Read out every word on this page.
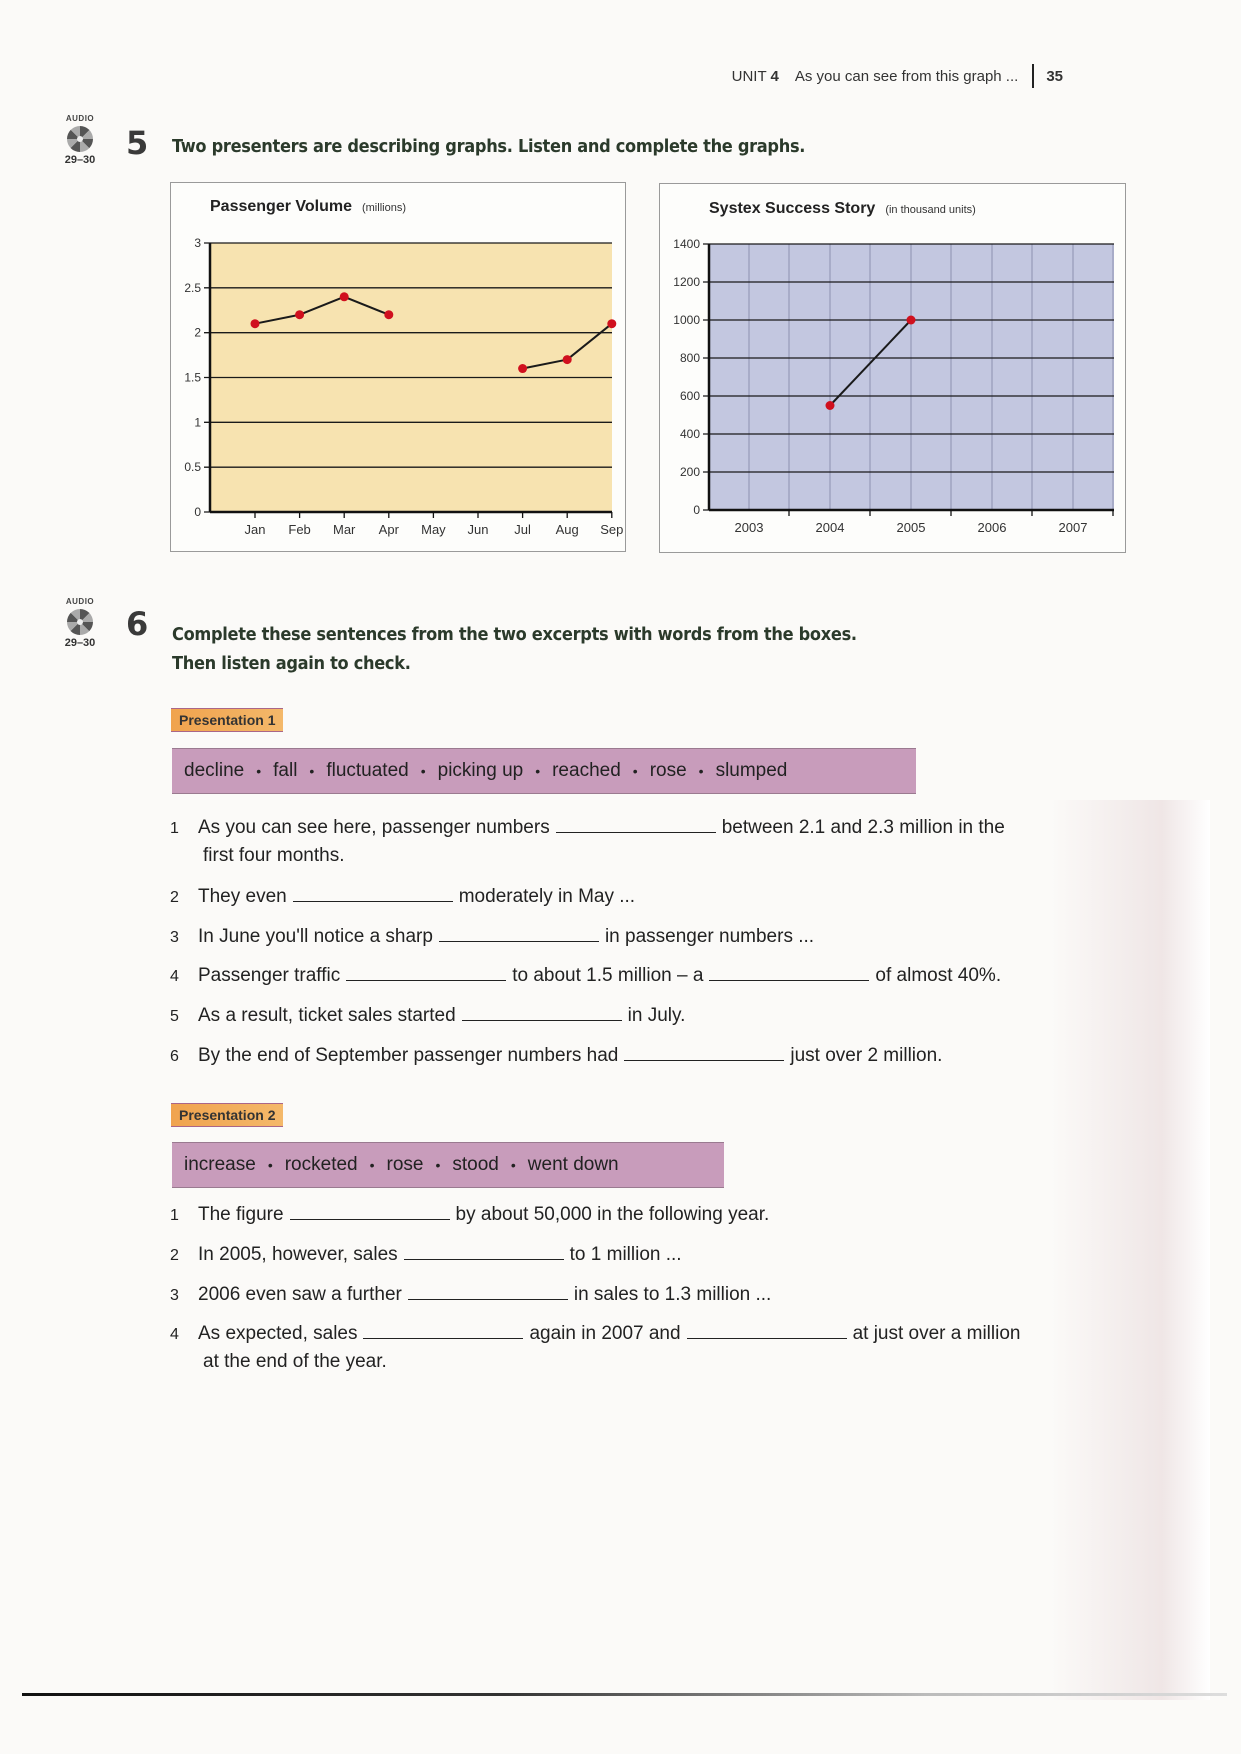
UNIT 4 As you can see from this graph ... 35
AUDIO
29–30 5 Two presenters are describing graphs. Listen and complete the graphs.
Passenger Volume (millions)
0
0.5
1
1.5
2
2.5
3
Jan Feb Mar Apr May Jun Jul Aug Sep
Systex Success Story (in thousand units)
0
200
400
600
800
1000
1200
1400
2003	2004	2005	2006	2007
AUDIO
29–30 6 Complete these sentences from the two excerpts with words from the boxes.
Then listen again to check.
Presentation 1
decline • fall • fluctuated • picking up • reached • rose • slumped
1 As you can see here, passenger numbers	between 2.1 and 2.3 million in the
first four months.
2 They even	moderately in May ...
3 In June you'll notice a sharp	in passenger numbers ...
4 Passenger traffic	to about 1.5 million – a	of almost 40%.
5 As a result, ticket sales started	in July.
6 By the end of September passenger numbers had	just over 2 million.
Presentation 2
increase • rocketed • rose • stood • went down
1 The figure	by about 50,000 in the following year.
2 In 2005, however, sales	to 1 million ...
3 2006 even saw a further	in sales to 1.3 million ...
4 As expected, sales	again in 2007 and	at just over a million
at the end of the year.
